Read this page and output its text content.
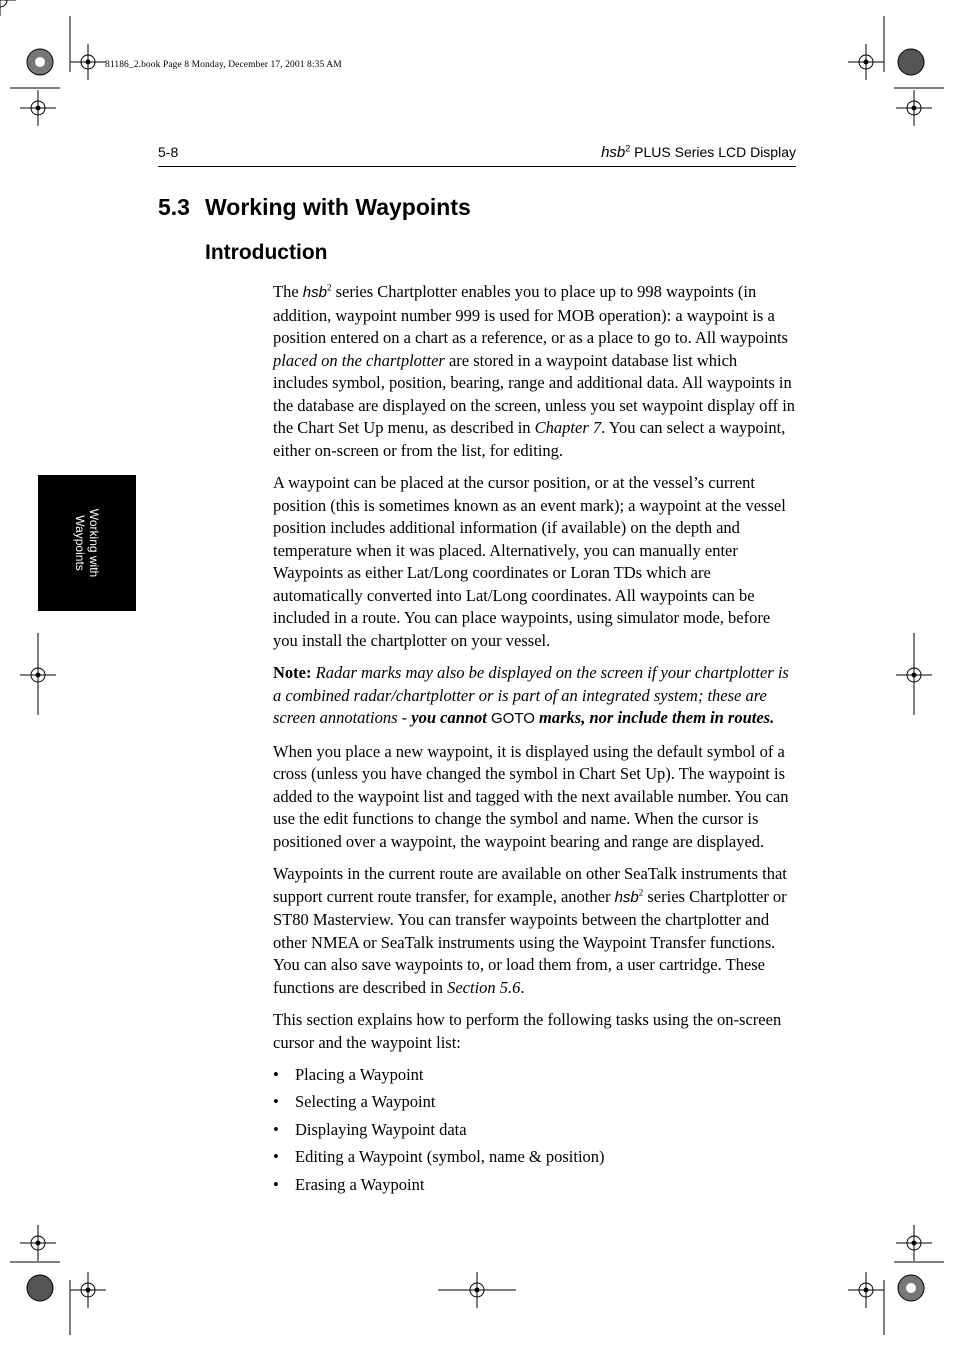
81186_2.book Page 8 Monday, December 17, 2001 8:35 AM
5-8	hsb$^2$ PLUS Series LCD Display
Working with
Waypoints
5.3 Working with Waypoints
Introduction

The hsb$^2$ series Chartplotter enables you to place up to 998 waypoints (in addition, waypoint number 999 is used for MOB operation): a waypoint is a position entered on a chart as a reference, or as a place to go to. All waypoints placed on the chartplotter are stored in a waypoint database list which includes symbol, position, bearing, range and additional data. All waypoints in the database are displayed on the screen, unless you set waypoint display off in the Chart Set Up menu, as described in Chapter 7. You can select a waypoint, either on-screen or from the list, for editing.

A waypoint can be placed at the cursor position, or at the vessel’s current position (this is sometimes known as an event mark); a waypoint at the vessel position includes additional information (if available) on the depth and temperature when it was placed. Alternatively, you can manually enter Waypoints as either Lat/Long coordinates or Loran TDs which are automatically converted into Lat/Long coordinates. All waypoints can be included in a route. You can place waypoints, using simulator mode, before you install the chartplotter on your vessel.

Note: Radar marks may also be displayed on the screen if your chartplotter is a combined radar/chartplotter or is part of an integrated system; these are screen annotations - you cannot GOTO marks, nor include them in routes.

When you place a new waypoint, it is displayed using the default symbol of a cross (unless you have changed the symbol in Chart Set Up). The waypoint is added to the waypoint list and tagged with the next available number. You can use the edit functions to change the symbol and name. When the cursor is positioned over a waypoint, the waypoint bearing and range are displayed.

Waypoints in the current route are available on other SeaTalk instruments that support current route transfer, for example, another hsb$^2$ series Chartplotter or ST80 Masterview. You can transfer waypoints between the chartplotter and other NMEA or SeaTalk instruments using the Waypoint Transfer functions. You can also save waypoints to, or load them from, a user cartridge. These functions are described in Section 5.6.

This section explains how to perform the following tasks using the on-screen cursor and the waypoint list:

• Placing a Waypoint
• Selecting a Waypoint
• Displaying Waypoint data
• Editing a Waypoint (symbol, name & position)
• Erasing a Waypoint
